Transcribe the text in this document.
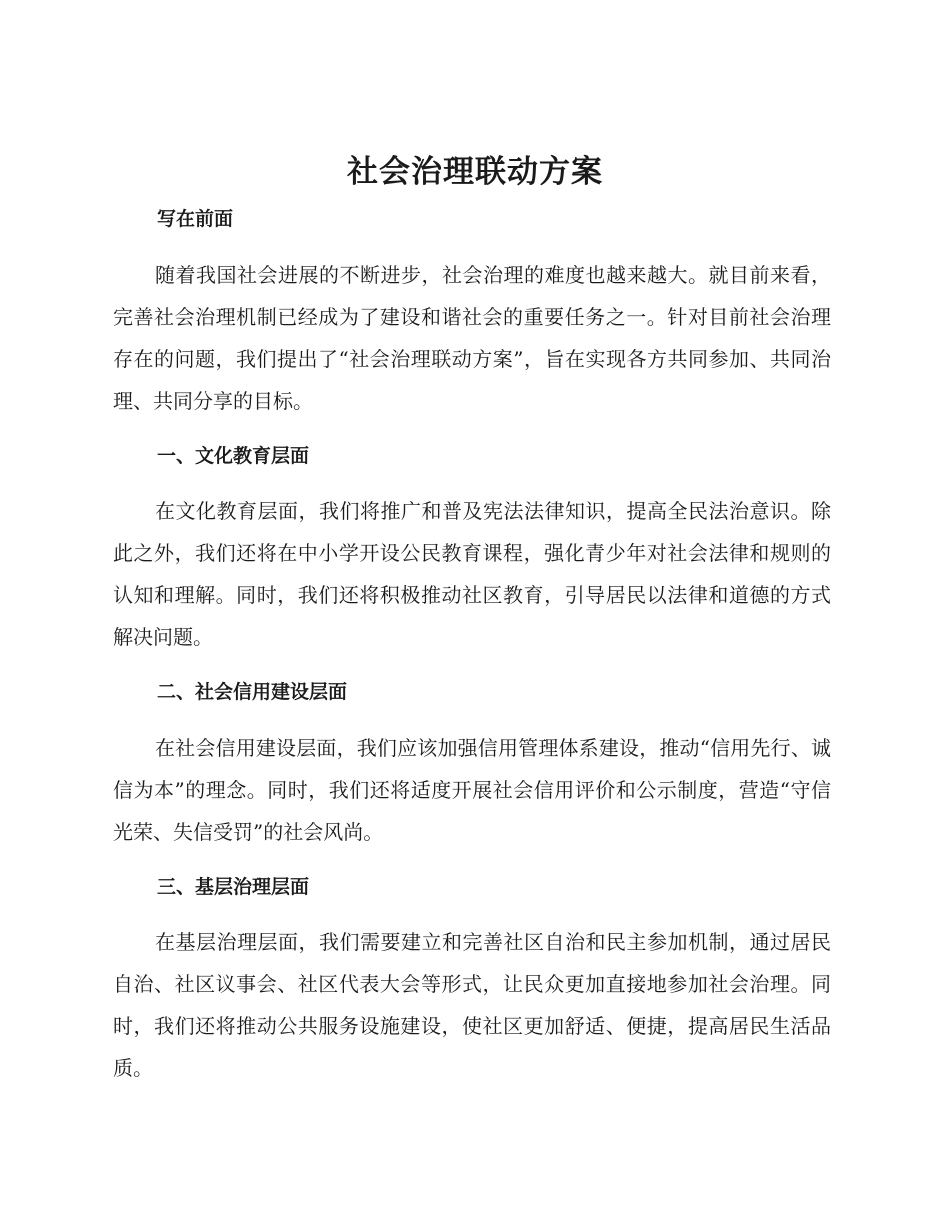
社会治理联动方案
写在前面

随着我国社会进展的不断进步，社会治理的难度也越来越大。就目前来看，完善社会治理机制已经成为了建设和谐社会的重要任务之一。针对目前社会治理存在的问题，我们提出了“社会治理联动方案”，旨在实现各方共同参加、共同治理、共同分享的目标。

一、文化教育层面

在文化教育层面，我们将推广和普及宪法法律知识，提高全民法治意识。除此之外，我们还将在中小学开设公民教育课程，强化青少年对社会法律和规则的认知和理解。同时，我们还将积极推动社区教育，引导居民以法律和道德的方式解决问题。

二、社会信用建设层面

在社会信用建设层面，我们应该加强信用管理体系建设，推动“信用先行、诚信为本”的理念。同时，我们还将适度开展社会信用评价和公示制度，营造“守信光荣、失信受罚”的社会风尚。

三、基层治理层面

在基层治理层面，我们需要建立和完善社区自治和民主参加机制，通过居民自治、社区议事会、社区代表大会等形式，让民众更加直接地参加社会治理。同时，我们还将推动公共服务设施建设，使社区更加舒适、便捷，提高居民生活品质。
